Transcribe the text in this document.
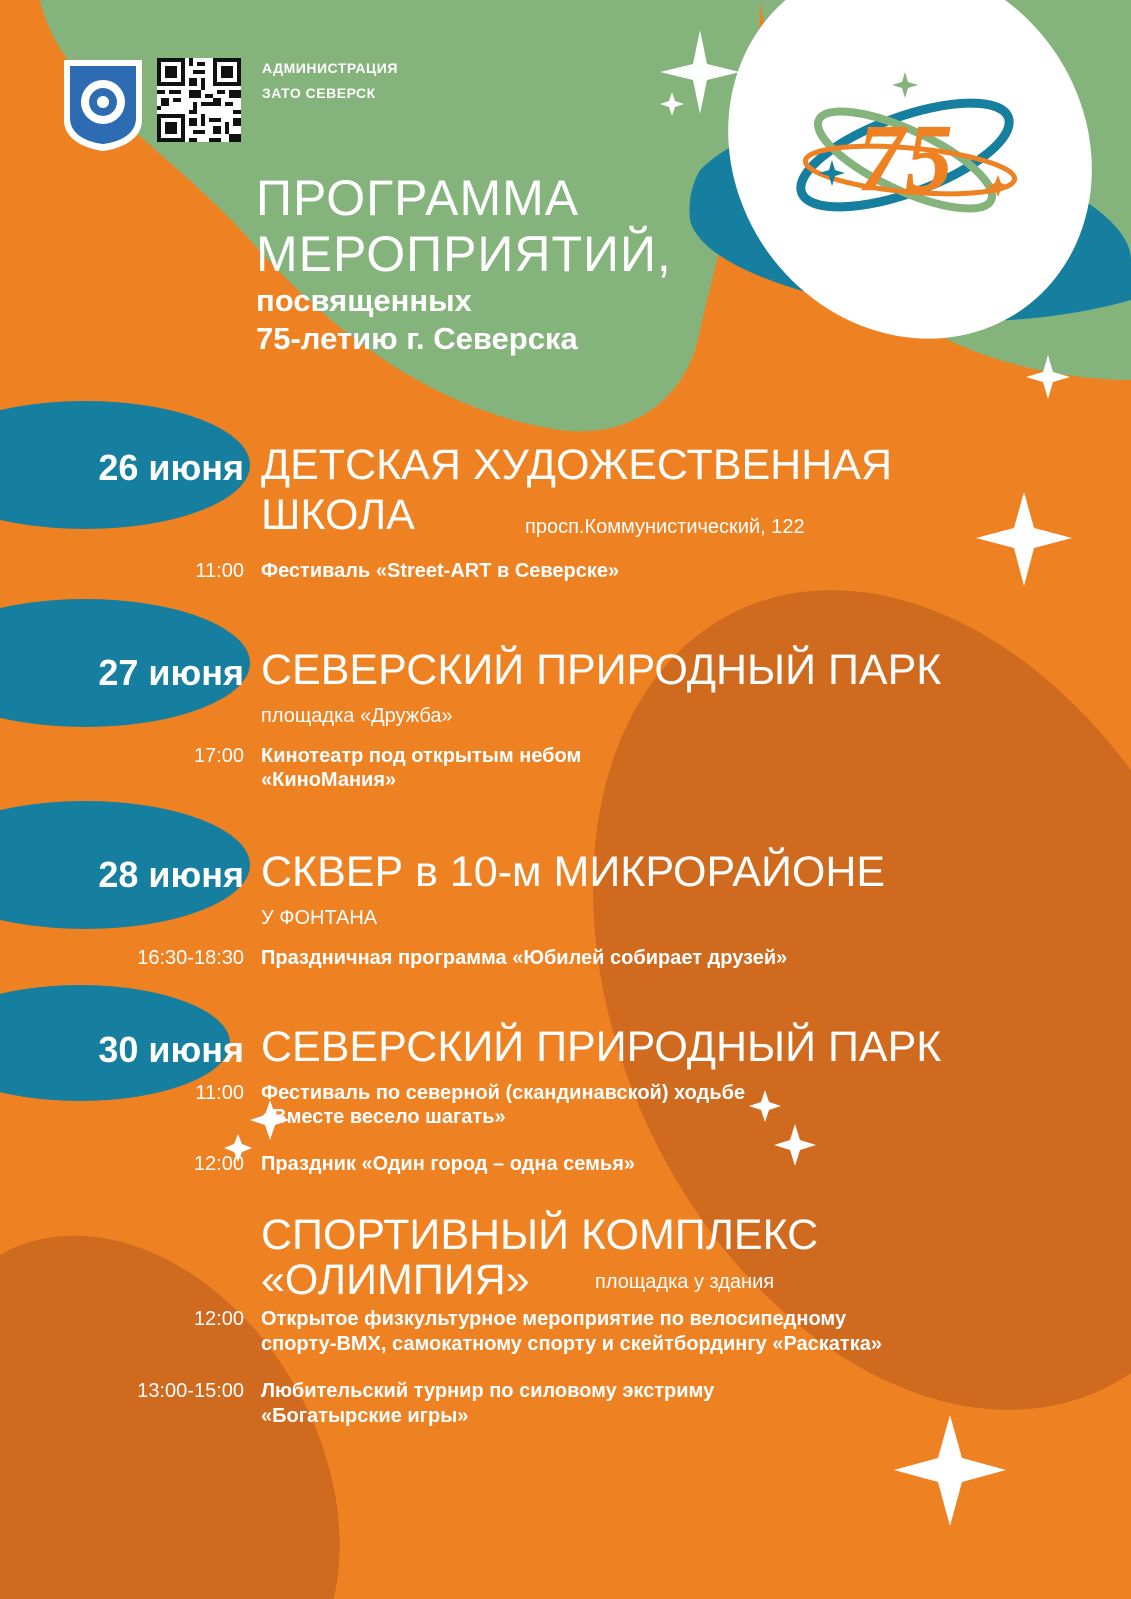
АДМИНИСТРАЦИЯ
ЗАТО СЕВЕРСК
0+
75
ПРОГРАММА
МЕРОПРИЯТИЙ,
посвященных
75-летию г. Северска
26 июня ДЕТСКАЯ ХУДОЖЕСТВЕННАЯ
ШКОЛА	просп.Коммунистический, 122
11:00 Фестиваль «Street-ART в Северске»
27 июня СЕВЕРСКИЙ ПРИРОДНЫЙ ПАРК
площадка «Дружба»
17:00 Кинотеатр под открытым небом
«КиноМания»
28 июня СКВЕР в 10-м МИКРОРАЙОНЕ
У ФОНТАНА
16:30-18:30 Праздничная программа «Юбилей собирает друзей»
30 июня СЕВЕРСКИЙ ПРИРОДНЫЙ ПАРК
11:00 Фестиваль по северной (скандинавской) ходьбе
«Вместе весело шагать»
12:00 Праздник «Один город – одна семья»
СПОРТИВНЫЙ КОМПЛЕКС
«ОЛИМПИЯ»	площадка у здания
12:00 Открытое физкультурное мероприятие по велосипедному
спорту-BMX, самокатному спорту и скейтбордингу «Раскатка»
13:00-15:00 Любительский турнир по силовому экстриму
«Богатырские игры»
